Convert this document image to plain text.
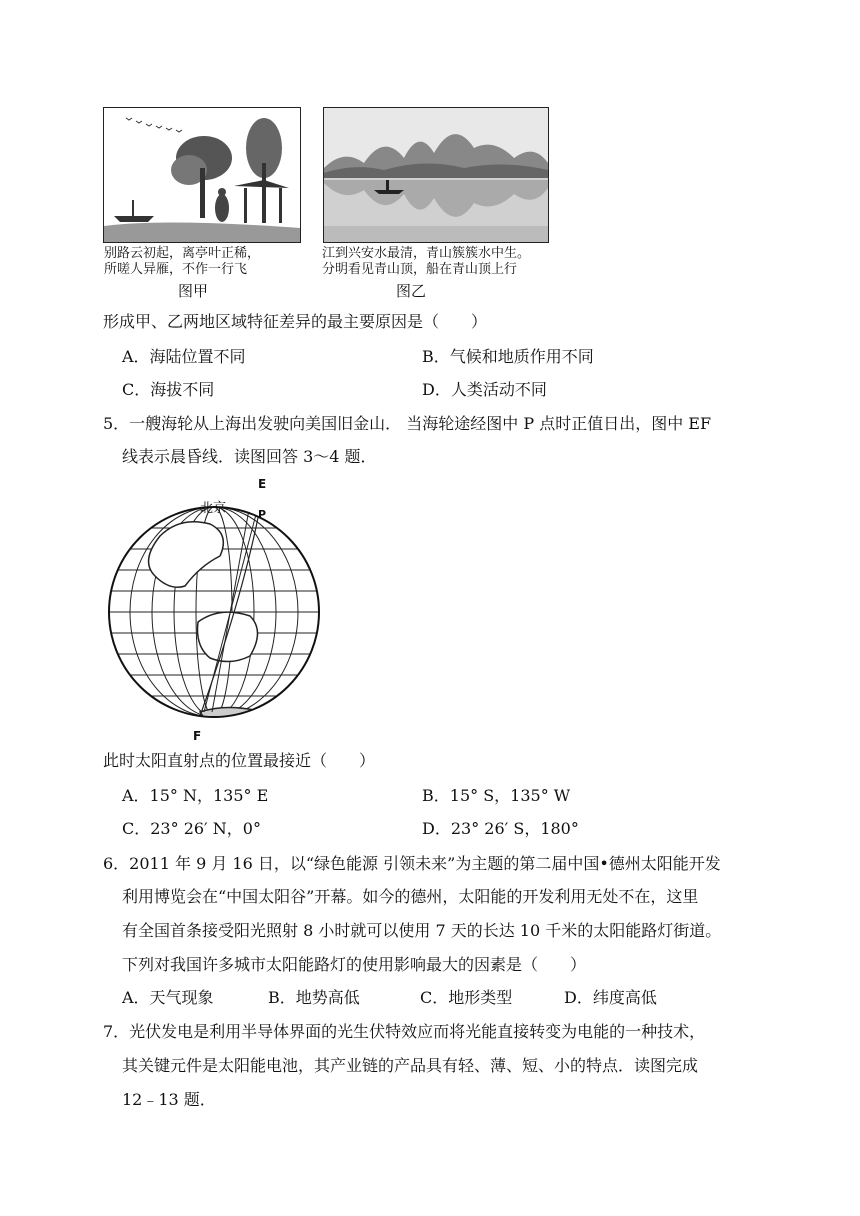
别路云初起，离亭叶正稀，
所嗟人异雁，不作一行飞
图甲
江到兴安水最清，青山簇簇水中生。
分明看见青山顶，船在青山顶上行
图乙
形成甲、乙两地区域特征差异的最主要原因是（　　）
A．海陆位置不同	B．气候和地质作用不同
C．海拔不同	D．人类活动不同
5．一艘海轮从上海出发驶向美国旧金山． 当海轮途经图中 P 点时正值日出，图中 EF
线表示晨昏线．读图回答 3～4 题．
北京
E
P
F
此时太阳直射点的位置最接近（　　）
A．15° N，135° E	B．15° S，135° W
C．23° 26′ N，0°	D．23° 26′ S，180°
6．2011 年 9 月 16 日，以“绿色能源 引领未来”为主题的第二届中国•德州太阳能开发
利用博览会在“中国太阳谷”开幕。如今的德州，太阳能的开发利用无处不在，这里
有全国首条接受阳光照射 8 小时就可以使用 7 天的长达 10 千米的太阳能路灯街道。
下列对我国许多城市太阳能路灯的使用影响最大的因素是（　　）
A．天气现象	B．地势高低	C．地形类型	D．纬度高低
7．光伏发电是利用半导体界面的光生伏特效应而将光能直接转变为电能的一种技术，
其关键元件是太阳能电池，其产业链的产品具有轻、薄、短、小的特点．读图完成
12﹣13 题．
